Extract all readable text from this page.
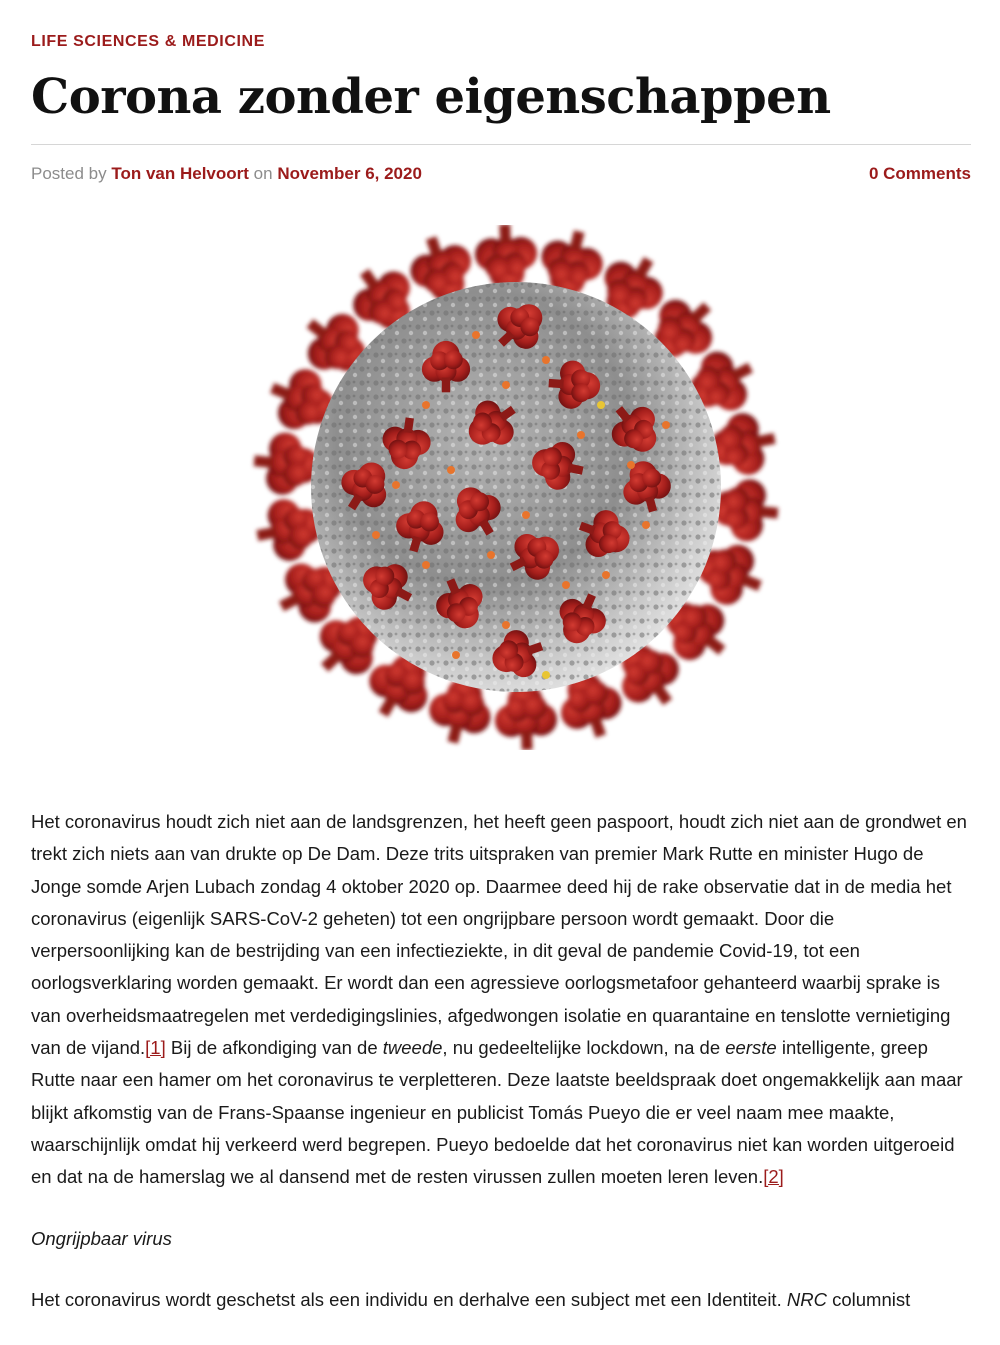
LIFE SCIENCES & MEDICINE
Corona zonder eigenschappen
Posted by Ton van Helvoort on November 6, 2020	0 Comments

Het coronavirus houdt zich niet aan de landsgrenzen, het heeft geen paspoort, houdt zich niet aan de grondwet en trekt zich niets aan van drukte op De Dam. Deze trits uitspraken van premier Mark Rutte en minister Hugo de Jonge somde Arjen Lubach zondag 4 oktober 2020 op. Daarmee deed hij de rake observatie dat in de media het coronavirus (eigenlijk SARS-CoV-2 geheten) tot een ongrijpbare persoon wordt gemaakt. Door die verpersoonlijking kan de bestrijding van een infectieziekte, in dit geval de pandemie Covid-19, tot een oorlogsverklaring worden gemaakt. Er wordt dan een agressieve oorlogsmetafoor gehanteerd waarbij sprake is van overheidsmaatregelen met verdedigingslinies, afgedwongen isolatie en quarantaine en tenslotte vernietiging van de vijand.[1] Bij de afkondiging van de tweede, nu gedeeltelijke lockdown, na de eerste intelligente, greep Rutte naar een hamer om het coronavirus te verpletteren. Deze laatste beeldspraak doet ongemakkelijk aan maar blijkt afkomstig van de Frans-Spaanse ingenieur en publicist Tomás Pueyo die er veel naam mee maakte, waarschijnlijk omdat hij verkeerd werd begrepen. Pueyo bedoelde dat het coronavirus niet kan worden uitgeroeid en dat na de hamerslag we al dansend met de resten virussen zullen moeten leren leven.[2]

Ongrijpbaar virus

Het coronavirus wordt geschetst als een individu en derhalve een subject met een Identiteit. NRC columnist
